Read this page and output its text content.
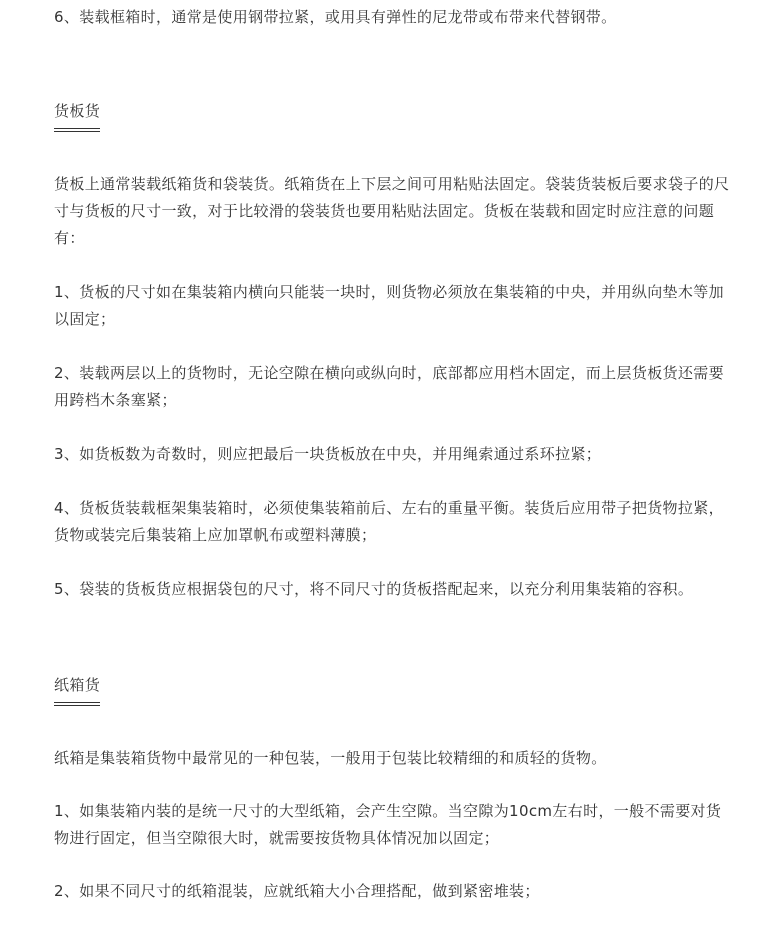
6、装载框箱时，通常是使用钢带拉紧，或用具有弹性的尼龙带或布带来代替钢带。

货板货

货板上通常装载纸箱货和袋装货。纸箱货在上下层之间可用粘贴法固定。袋装货装板后要求袋子的尺寸与货板的尺寸一致，对于比较滑的袋装货也要用粘贴法固定。货板在装载和固定时应注意的问题有：

1、货板的尺寸如在集装箱内横向只能装一块时，则货物必须放在集装箱的中央，并用纵向垫木等加以固定；

2、装载两层以上的货物时，无论空隙在横向或纵向时，底部都应用档木固定，而上层货板货还需要用跨档木条塞紧；

3、如货板数为奇数时，则应把最后一块货板放在中央，并用绳索通过系环拉紧；

4、货板货装载框架集装箱时，必须使集装箱前后、左右的重量平衡。装货后应用带子把货物拉紧，货物或装完后集装箱上应加罩帆布或塑料薄膜；

5、袋装的货板货应根据袋包的尺寸，将不同尺寸的货板搭配起来，以充分利用集装箱的容积。

纸箱货

纸箱是集装箱货物中最常见的一种包装，一般用于包装比较精细的和质轻的货物。

1、如集装箱内装的是统一尺寸的大型纸箱，会产生空隙。当空隙为10cm左右时，一般不需要对货物进行固定，但当空隙很大时，就需要按货物具体情况加以固定；

2、如果不同尺寸的纸箱混装，应就纸箱大小合理搭配，做到紧密堆装；
